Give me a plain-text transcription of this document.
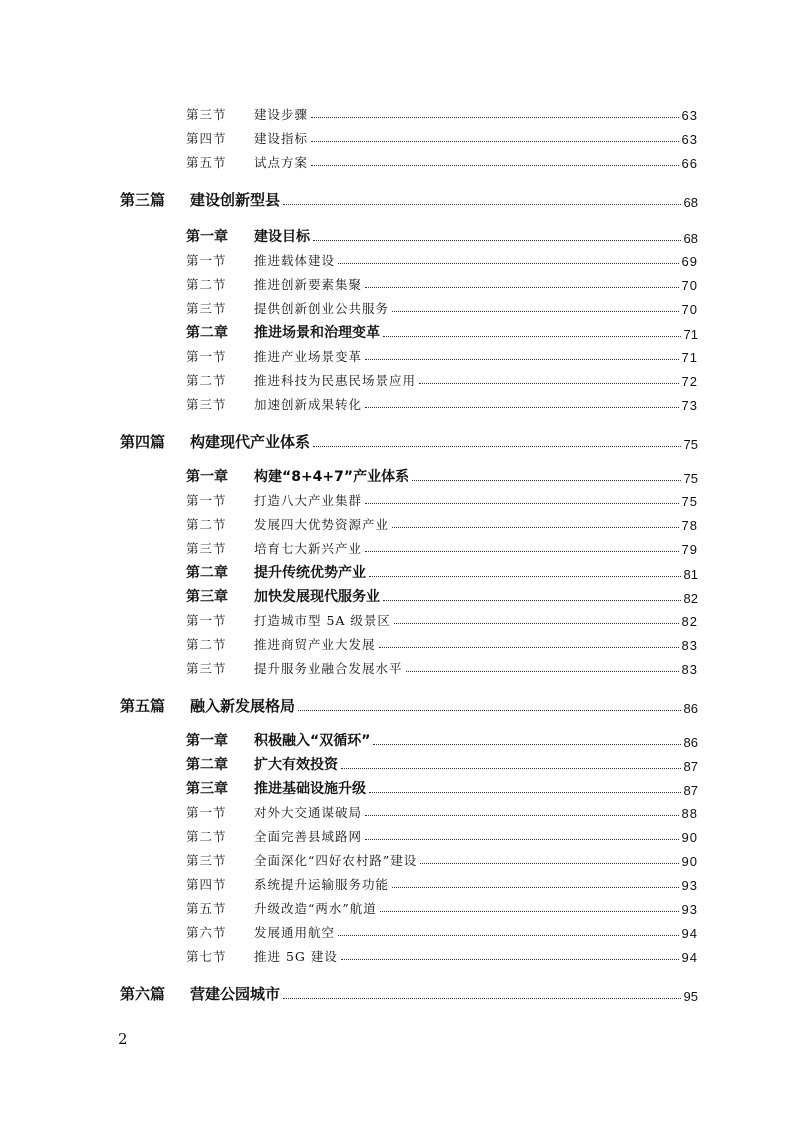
第三节	建设步骤	63
第四节	建设指标	63
第五节	试点方案	66
第三篇	建设创新型县	68
第一章	建设目标	68
第一节	推进载体建设	69
第二节	推进创新要素集聚	70
第三节	提供创新创业公共服务	70
第二章	推进场景和治理变革	71
第一节	推进产业场景变革	71
第二节	推进科技为民惠民场景应用	72
第三节	加速创新成果转化	73
第四篇	构建现代产业体系	75
第一章	构建“8+4+7”产业体系	75
第一节	打造八大产业集群	75
第二节	发展四大优势资源产业	78
第三节	培育七大新兴产业	79
第二章	提升传统优势产业	81
第三章	加快发展现代服务业	82
第一节	打造城市型 5A 级景区	82
第二节	推进商贸产业大发展	83
第三节	提升服务业融合发展水平	83
第五篇	融入新发展格局	86
第一章	积极融入“双循环”	86
第二章	扩大有效投资	87
第三章	推进基础设施升级	87
第一节	对外大交通谋破局	88
第二节	全面完善县域路网	90
第三节	全面深化“四好农村路”建设	90
第四节	系统提升运输服务功能	93
第五节	升级改造“两水”航道	93
第六节	发展通用航空	94
第七节	推进 5G 建设	94
第六篇	营建公园城市	95
2
